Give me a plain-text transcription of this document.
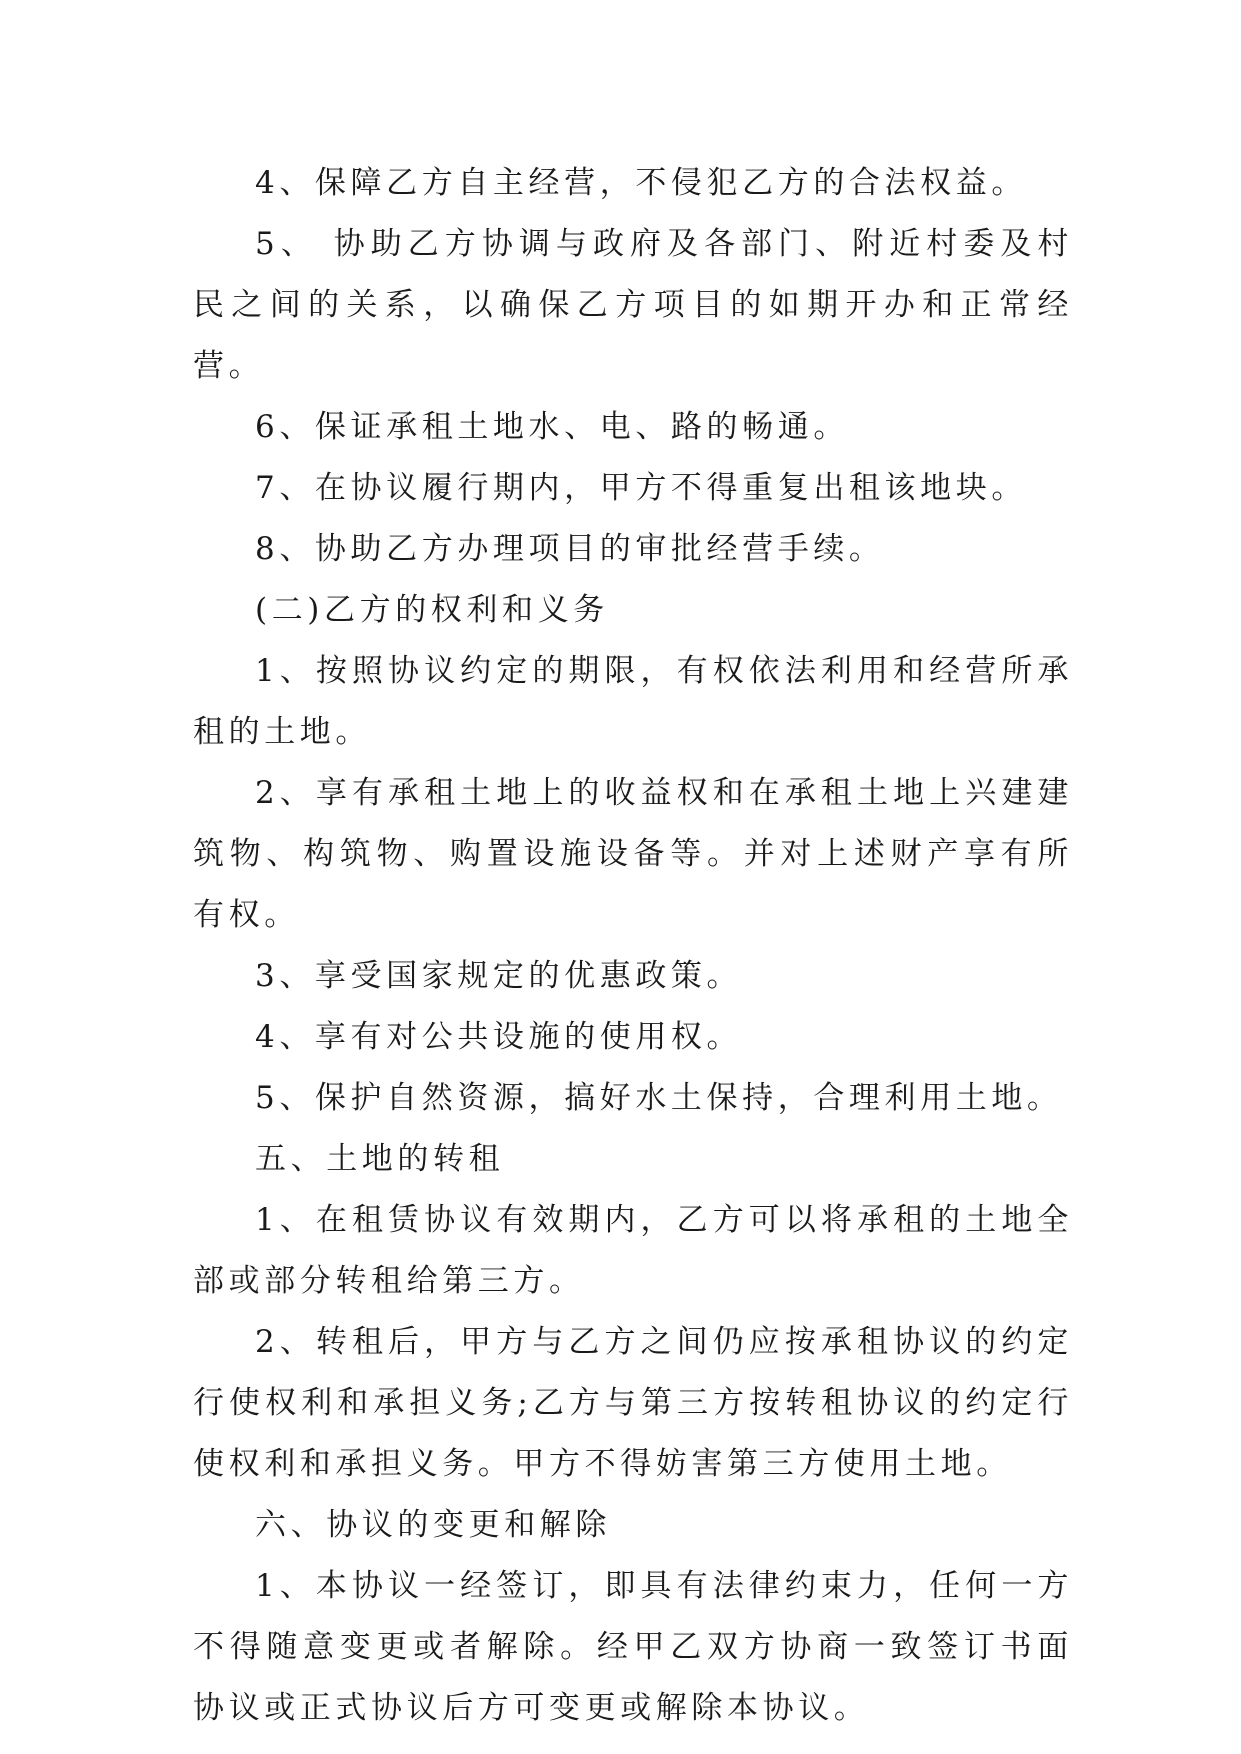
4、保障乙方自主经营，不侵犯乙方的合法权益。

5、 协助乙方协调与政府及各部门、附近村委及村民之间的关系，以确保乙方项目的如期开办和正常经营。

6、保证承租土地水、电、路的畅通。

7、在协议履行期内，甲方不得重复出租该地块。

8、协助乙方办理项目的审批经营手续。

(二)乙方的权利和义务

1、按照协议约定的期限，有权依法利用和经营所承租的土地。

2、享有承租土地上的收益权和在承租土地上兴建建筑物、构筑物、购置设施设备等。并对上述财产享有所有权。

3、享受国家规定的优惠政策。

4、享有对公共设施的使用权。

5、保护自然资源，搞好水土保持，合理利用土地。

五、土地的转租

1、在租赁协议有效期内，乙方可以将承租的土地全部或部分转租给第三方。

2、转租后，甲方与乙方之间仍应按承租协议的约定行使权利和承担义务;乙方与第三方按转租协议的约定行使权利和承担义务。甲方不得妨害第三方使用土地。

六、协议的变更和解除

1、本协议一经签订，即具有法律约束力，任何一方不得随意变更或者解除。经甲乙双方协商一致签订书面协议或正式协议后方可变更或解除本协议。
